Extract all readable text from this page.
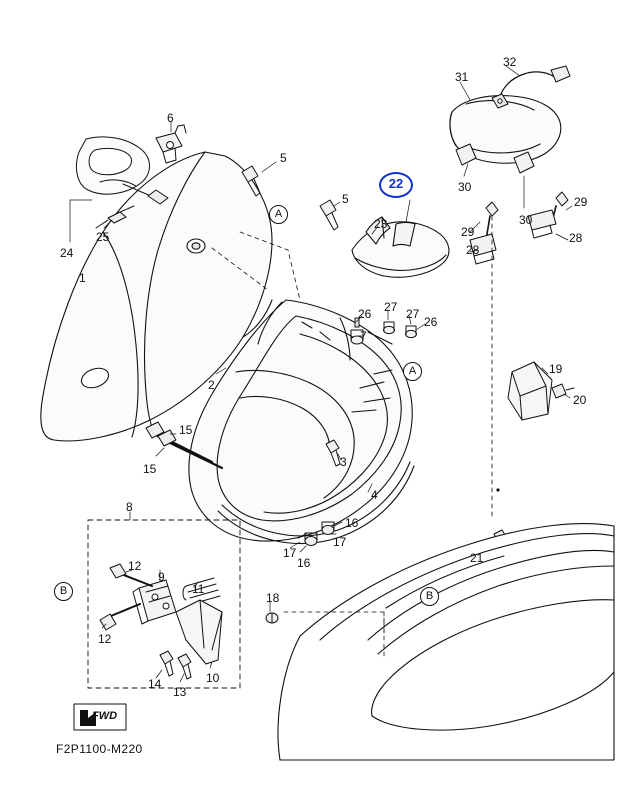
A
A
B	B
22
1
2
3
4
5
5
6
7
8
9
10
11
12
12
13
14
15
15
16
16
17
17
18
19
20
21
23
24
25
26
26
27 27
28
28
29
29
30
30
31
32
FWD
F2P1100-M220
